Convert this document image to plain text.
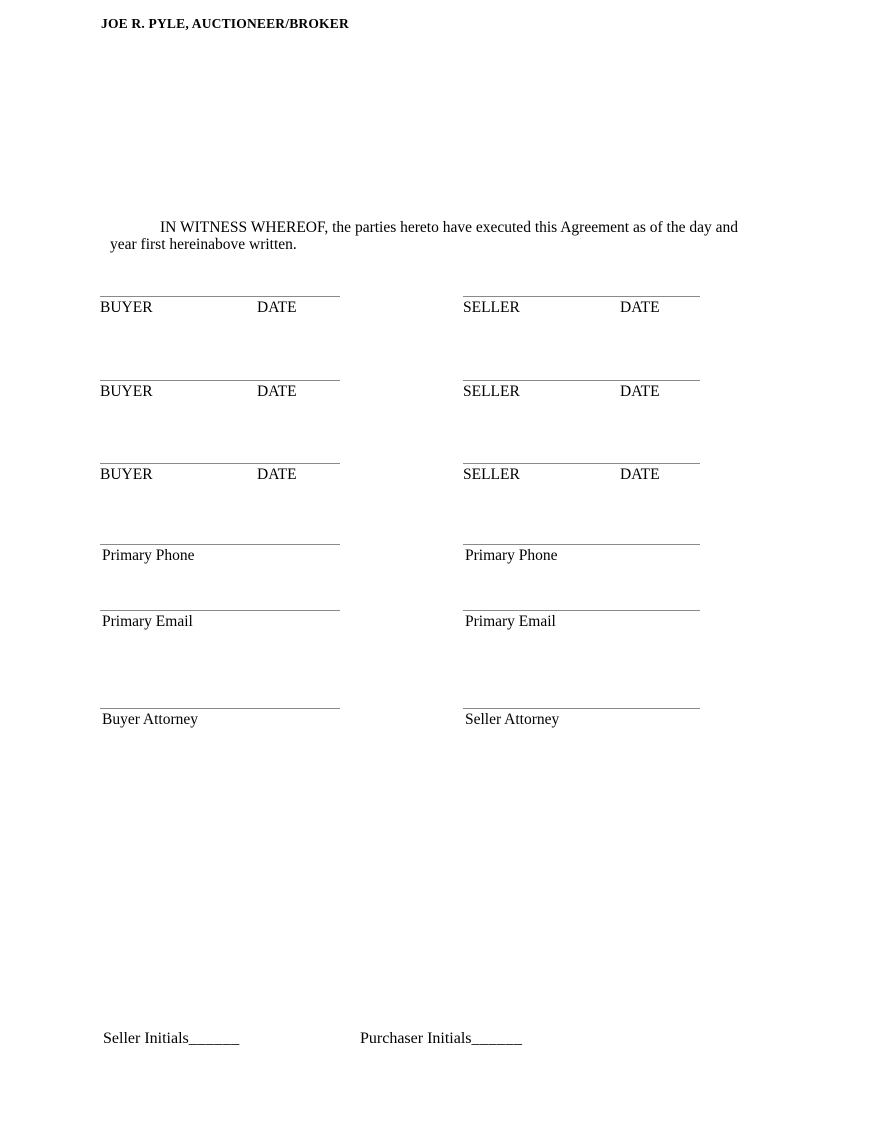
JOE R. PYLE, AUCTIONEER/BROKER

IN WITNESS WHEREOF, the parties hereto have executed this Agreement as of the day and year first hereinabove written.

BUYER	DATE	SELLER	DATE
BUYER	DATE	SELLER	DATE
BUYER	DATE	SELLER	DATE
Primary Phone	Primary Phone
Primary Email	Primary Email
Buyer Attorney	Seller Attorney
Seller Initials______	Purchaser Initials______
